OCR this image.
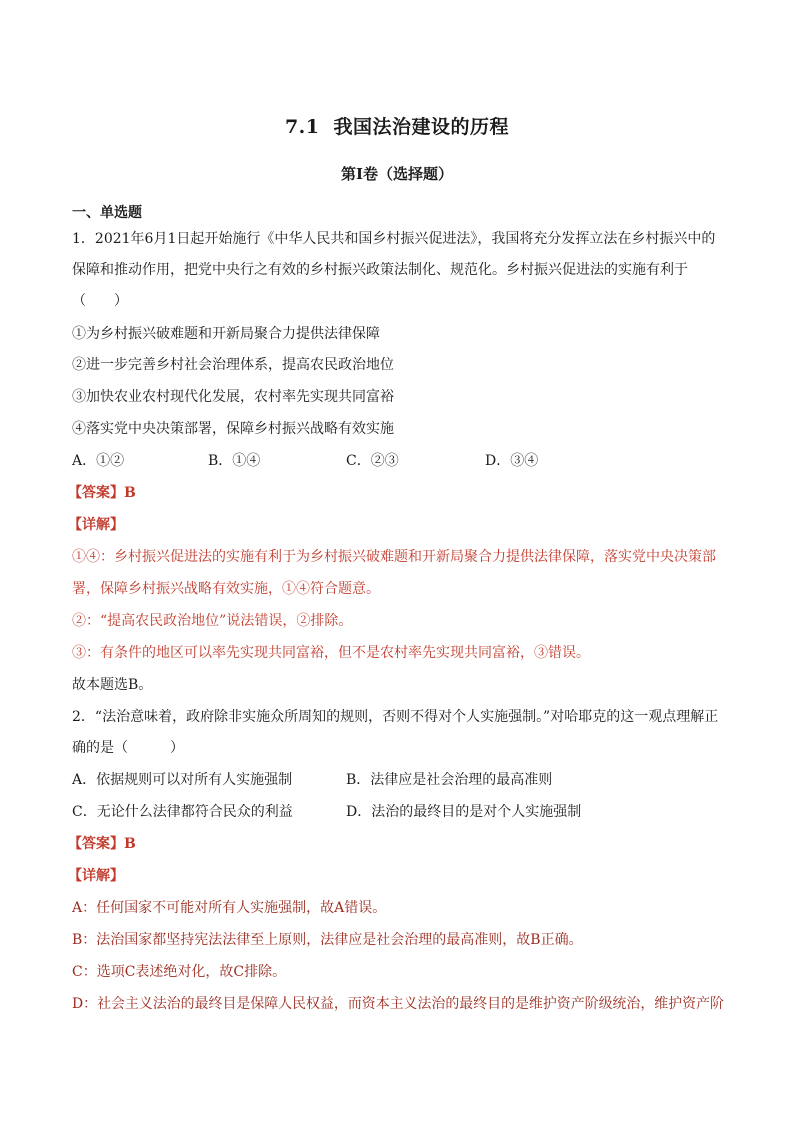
7.1 我国法治建设的历程
第Ⅰ卷（选择题）
一、单选题
1．2021年6月1日起开始施行《中华人民共和国乡村振兴促进法》，我国将充分发挥立法在乡村振兴中的
保障和推动作用，把党中央行之有效的乡村振兴政策法制化、规范化。乡村振兴促进法的实施有利于
（　　）
①为乡村振兴破难题和开新局聚合力提供法律保障
②进一步完善乡村社会治理体系，提高农民政治地位
③加快农业农村现代化发展，农村率先实现共同富裕
④落实党中央决策部署，保障乡村振兴战略有效实施
A．①②	B．①④	C．②③	D．③④
【答案】B
【详解】
①④：乡村振兴促进法的实施有利于为乡村振兴破难题和开新局聚合力提供法律保障，落实党中央决策部
署，保障乡村振兴战略有效实施，①④符合题意。
②：“提高农民政治地位”说法错误，②排除。
③：有条件的地区可以率先实现共同富裕，但不是农村率先实现共同富裕，③错误。
故本题选B。
2．“法治意味着，政府除非实施众所周知的规则，否则不得对个人实施强制。”对哈耶克的这一观点理解正
确的是（　　　）
A．依据规则可以对所有人实施强制	B．法律应是社会治理的最高准则
C．无论什么法律都符合民众的利益	D．法治的最终目的是对个人实施强制
【答案】B
【详解】
A：任何国家不可能对所有人实施强制，故A错误。
B：法治国家都坚持宪法法律至上原则，法律应是社会治理的最高准则，故B正确。
C：选项C表述绝对化，故C排除。
D：社会主义法治的最终目是保障人民权益，而资本主义法治的最终目的是维护资产阶级统治，维护资产阶
